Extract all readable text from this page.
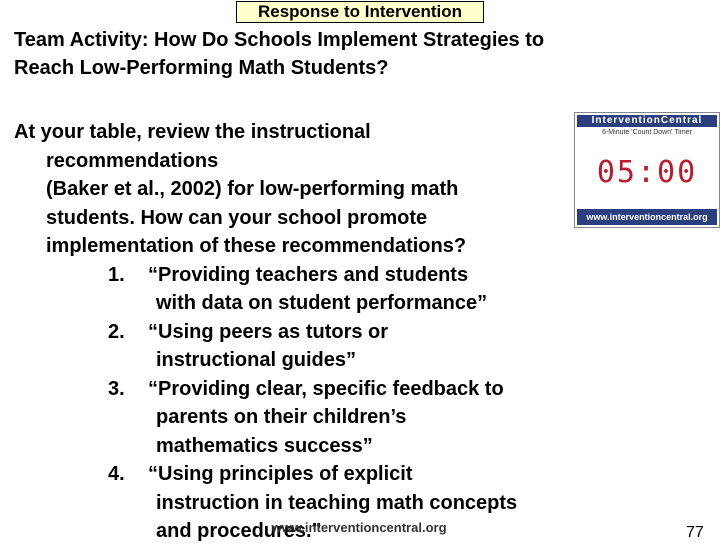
Response to Intervention
Team Activity: How Do Schools Implement Strategies to
Reach Low-Performing Math Students?
At your table, review the instructional
recommendations
(Baker et al., 2002) for low-performing math
students. How can your school promote
implementation of these recommendations?
1.	“Providing teachers and students
with data on student performance”
2.	“Using peers as tutors or
instructional guides”
3.	“Providing clear, specific feedback to
parents on their children’s
mathematics success”
4.	“Using principles of explicit
instruction in teaching math concepts
and procedures.”
InterventionCentral
6-Minute 'Count Down' Timer
05:00
www.interventioncentral.org
www.interventioncentral.org	77
